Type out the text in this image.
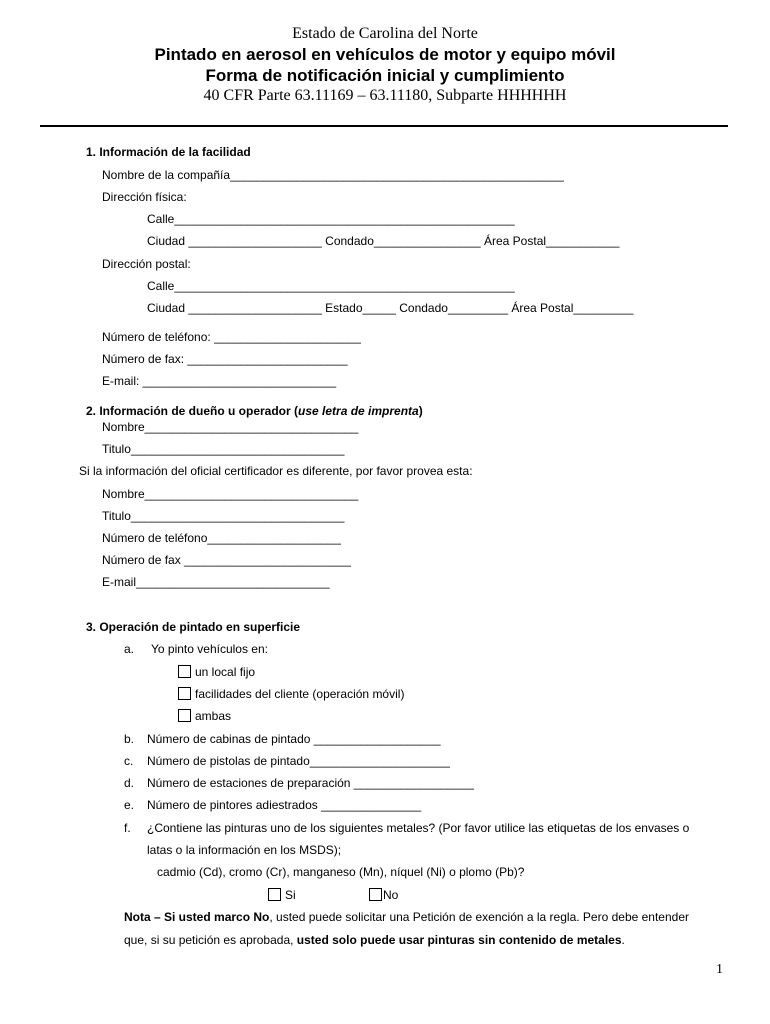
Estado de Carolina del Norte
Pintado en aerosol en vehículos de motor y equipo móvil
Forma de notificación inicial y cumplimiento
40 CFR Parte 63.11169 – 63.11180, Subparte HHHHHH
1. Información de la facilidad
Nombre de la compañía__________________________________________________
Dirección física:
Calle___________________________________________________
Ciudad ____________________ Condado________________ Área Postal___________
Dirección postal:
Calle___________________________________________________
Ciudad ____________________ Estado_____ Condado_________ Área Postal_________
Número de teléfono: ______________________
Número de fax: ________________________
E-mail: _____________________________
2. Información de dueño u operador (use letra de imprenta)
Nombre________________________________
Titulo________________________________
Si la información del oficial certificador es diferente, por favor provea esta:
Nombre________________________________
Titulo________________________________
Número de teléfono____________________
Número de fax _________________________
E-mail_____________________________
3. Operación de pintado en superficie
a. Yo pinto vehículos en:
un local fijo
facilidades del cliente (operación móvil)
ambas
b. Número de cabinas de pintado ___________________
c. Número de pistolas de pintado_____________________
d. Número de estaciones de preparación __________________
e. Número de pintores adiestrados _______________
f. ¿Contiene las pinturas uno de los siguientes metales? (Por favor utilice las etiquetas de los envases o
latas o la información en los MSDS);
cadmio (Cd), cromo (Cr), manganeso (Mn), níquel (Ni) o plomo (Pb)?
Si	No
Nota – Si usted marco No, usted puede solicitar una Petición de exención a la regla. Pero debe entender
que, si su petición es aprobada, usted solo puede usar pinturas sin contenido de metales.
1
